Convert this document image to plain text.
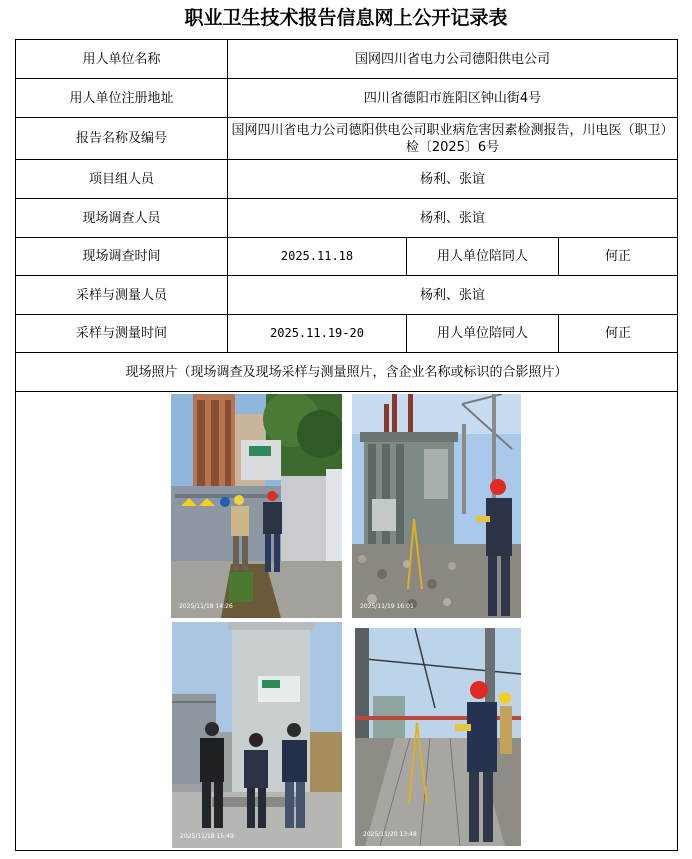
职业卫生技术报告信息网上公开记录表
用人单位名称	国网四川省电力公司德阳供电公司		
用人单位注册地址	四川省德阳市旌阳区钟山街4号		
报告名称及编号	国网四川省电力公司德阳供电公司职业病危害因素检测报告，川电医（职卫）检〔2025〕6号		
项目组人员	杨利、张谊		
现场调查人员	杨利、张谊		
现场调查时间	2025.11.18	用人单位陪同人	何正
采样与测量人员	杨利、张谊		
采样与测量时间	2025.11.19-20	用人单位陪同人	何正
现场照片（现场调查及现场采样与测量照片，含企业名称或标识的合影照片）			

2025/11/18 14:26 2025/11/19 16:01
2025/11/18 15:49 2025/11/20 13:48			
